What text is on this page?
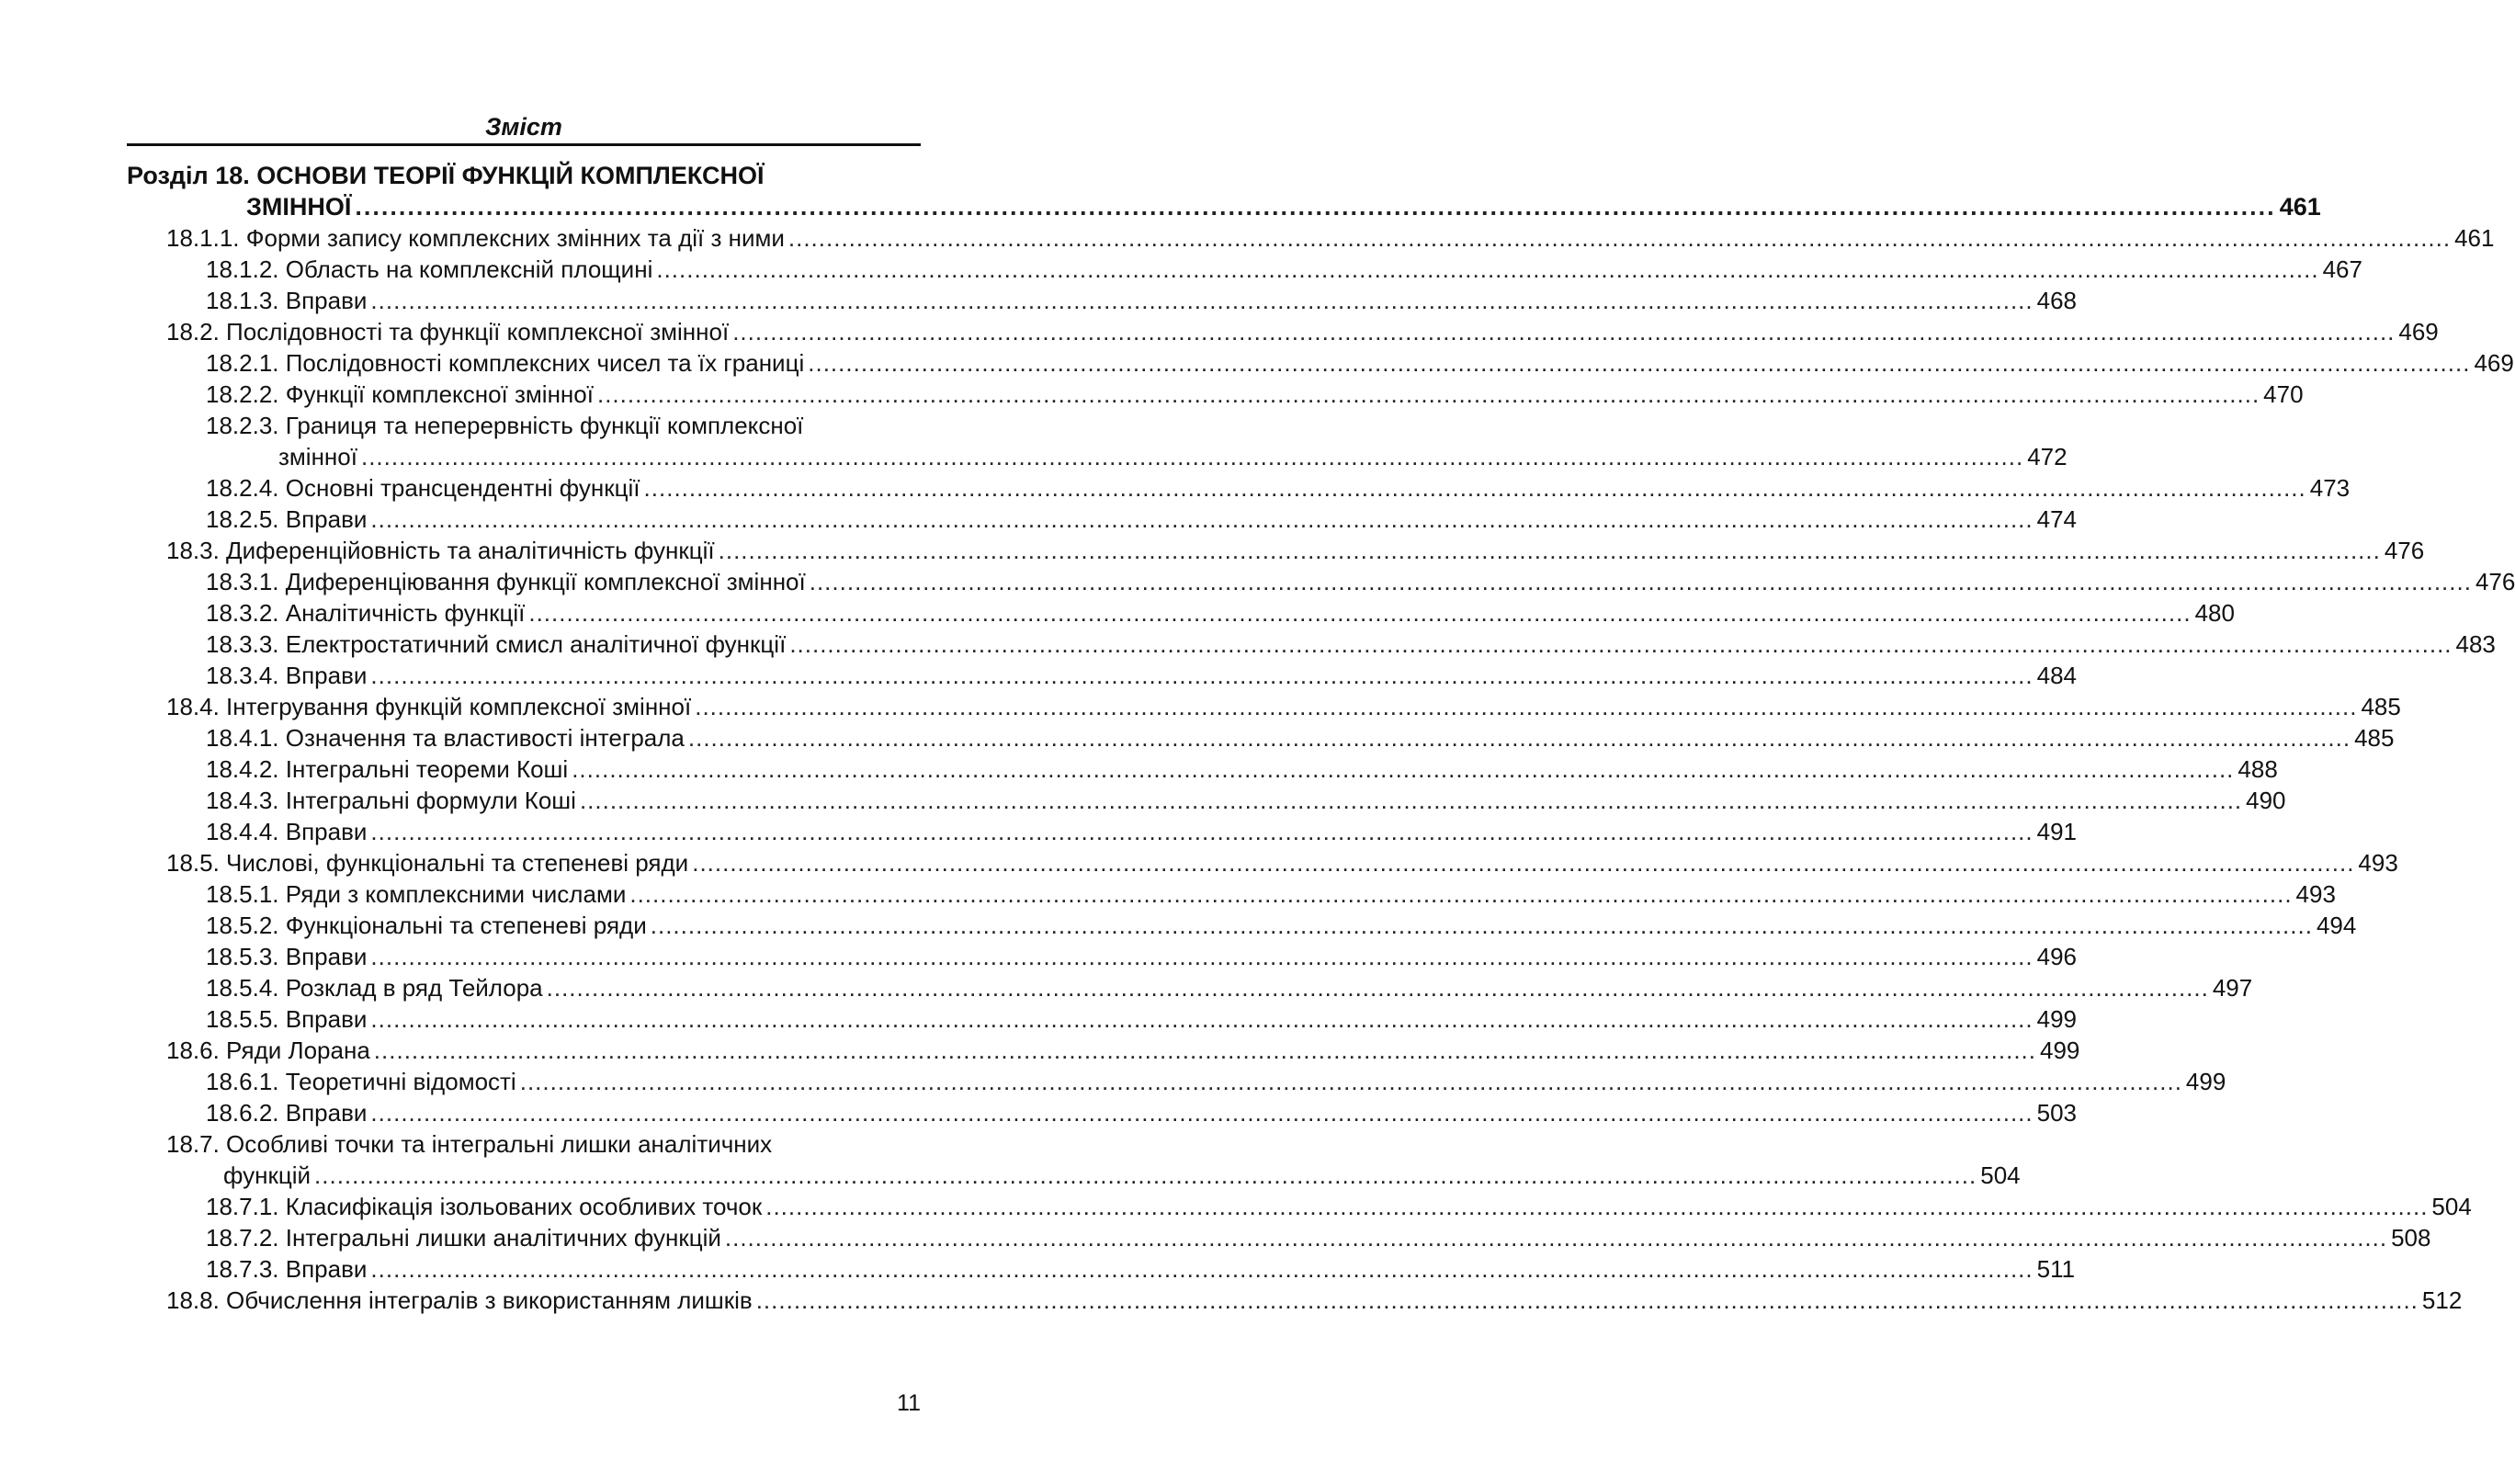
Зміст
Розділ 18. ОСНОВИ ТЕОРІЇ ФУНКЦІЙ КОМПЛЕКСНОЇ
ЗМІННОЇ ............................................................................................................................................................................................................................ 461
18.1.1. Форми запису комплексних змінних та дії з ними ............................................................................................................................................................................................................................ 461
18.1.2. Область на комплексній площині ............................................................................................................................................................................................................................ 467
18.1.3. Вправи ............................................................................................................................................................................................................................ 468
18.2. Послідовності та функції комплексної змінної ............................................................................................................................................................................................................................ 469
18.2.1. Послідовності комплексних чисел та їх границі ............................................................................................................................................................................................................................ 469
18.2.2. Функції комплексної змінної ............................................................................................................................................................................................................................ 470
18.2.3. Границя та неперервність функції комплексної
змінної ............................................................................................................................................................................................................................ 472
18.2.4. Основні трансцендентні функції ............................................................................................................................................................................................................................ 473
18.2.5. Вправи ............................................................................................................................................................................................................................ 474
18.3. Диференційовність та аналітичність функції ............................................................................................................................................................................................................................ 476
18.3.1. Диференціювання функції комплексної змінної ............................................................................................................................................................................................................................ 476
18.3.2. Аналітичність функції ............................................................................................................................................................................................................................ 480
18.3.3. Електростатичний смисл аналітичної функції ............................................................................................................................................................................................................................ 483
18.3.4. Вправи ............................................................................................................................................................................................................................ 484
18.4. Інтегрування функцій комплексної змінної ............................................................................................................................................................................................................................ 485
18.4.1. Означення та властивості інтеграла ............................................................................................................................................................................................................................ 485
18.4.2. Інтегральні теореми Коші ............................................................................................................................................................................................................................ 488
18.4.3. Інтегральні формули Коші ............................................................................................................................................................................................................................ 490
18.4.4. Вправи ............................................................................................................................................................................................................................ 491
18.5. Числові, функціональні та степеневі ряди ............................................................................................................................................................................................................................ 493
18.5.1. Ряди з комплексними числами ............................................................................................................................................................................................................................ 493
18.5.2. Функціональні та степеневі ряди ............................................................................................................................................................................................................................ 494
18.5.3. Вправи ............................................................................................................................................................................................................................ 496
18.5.4. Розклад в ряд Тейлора ............................................................................................................................................................................................................................ 497
18.5.5. Вправи ............................................................................................................................................................................................................................ 499
18.6. Ряди Лорана ............................................................................................................................................................................................................................ 499
18.6.1. Теоретичні відомості ............................................................................................................................................................................................................................ 499
18.6.2. Вправи ............................................................................................................................................................................................................................ 503
18.7. Особливі точки та інтегральні лишки аналітичних
функцій ............................................................................................................................................................................................................................ 504
18.7.1. Класифікація ізольованих особливих точок ............................................................................................................................................................................................................................ 504
18.7.2. Інтегральні лишки аналітичних функцій ............................................................................................................................................................................................................................ 508
18.7.3. Вправи ............................................................................................................................................................................................................................ 511
18.8. Обчислення інтегралів з використанням лишків ............................................................................................................................................................................................................................ 512
11
